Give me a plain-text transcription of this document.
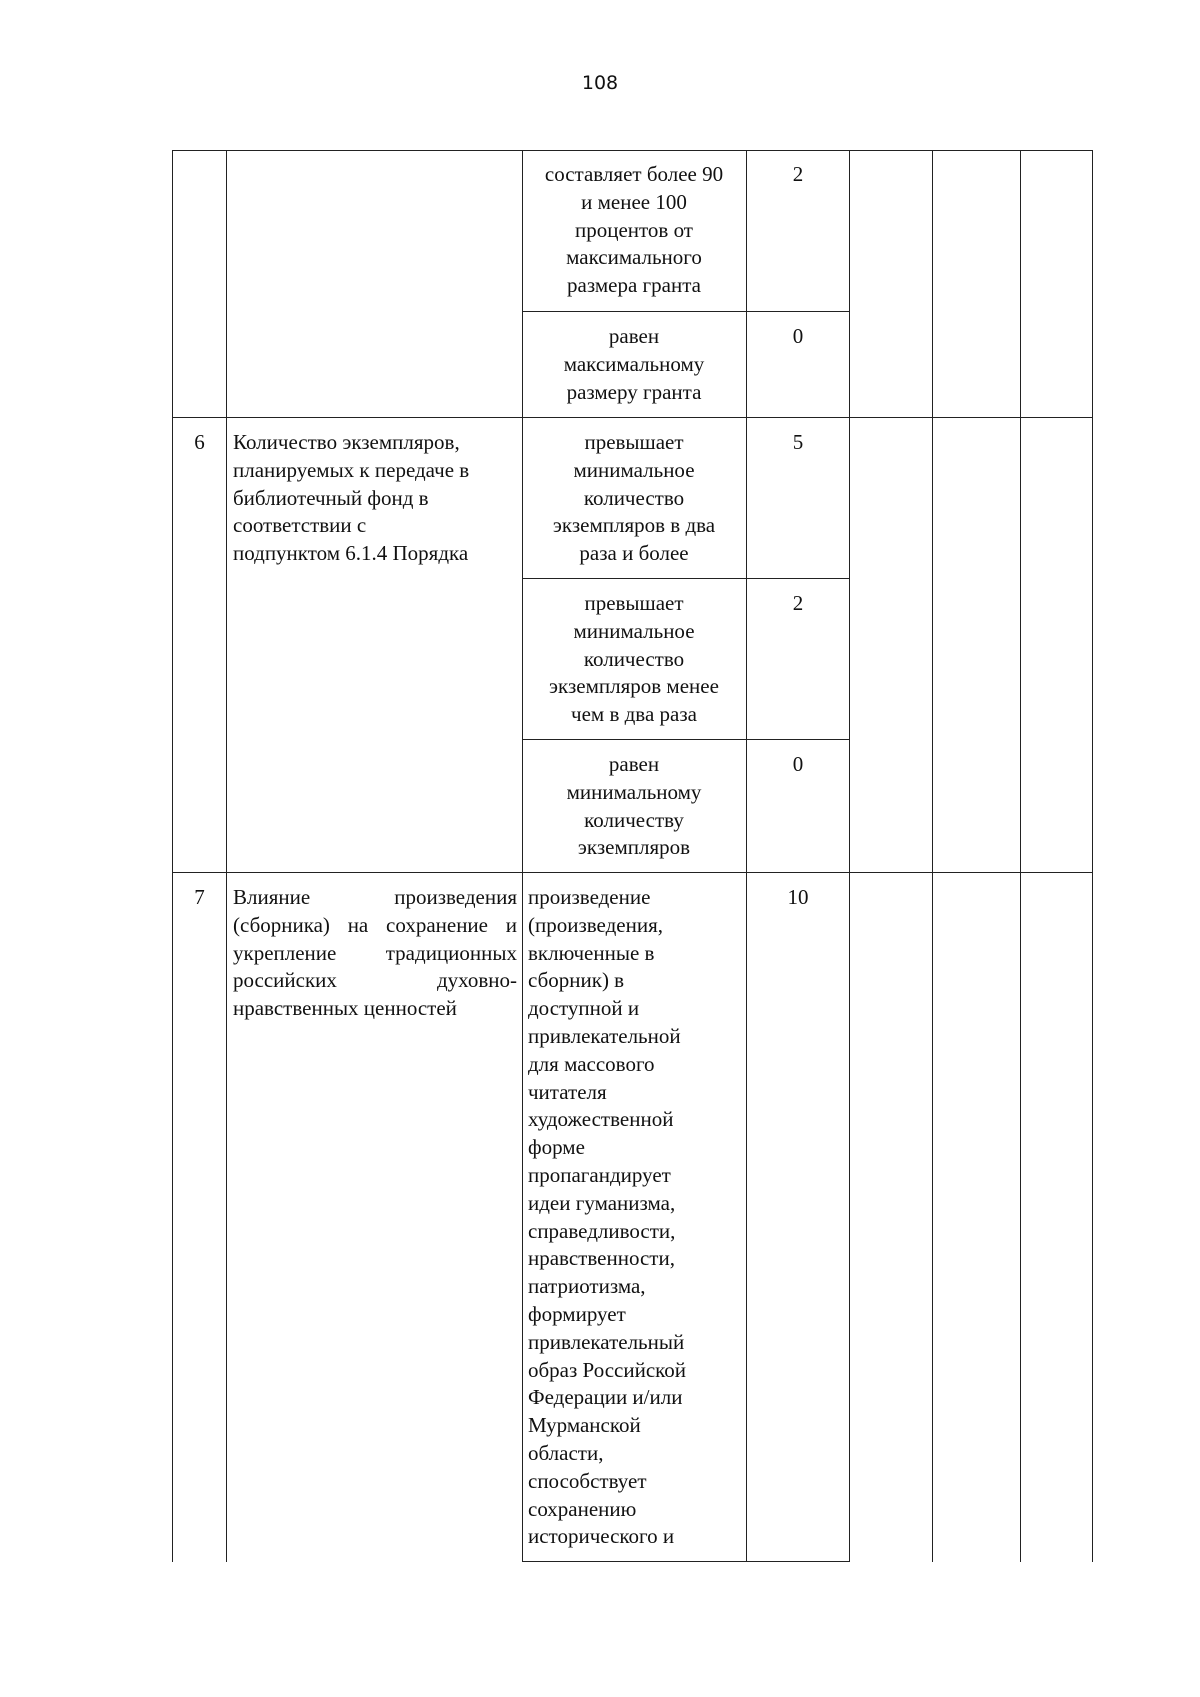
108
составляет более 90
и менее 100
процентов от
максимального
размера гранта
2
равен
максимальному
размеру гранта
0
6	Количество экземпляров,
планируемых к передаче в
библиотечный фонд в
соответствии с
подпунктом 6.1.4 Порядка
превышает
минимальное
количество
экземпляров в два
раза и более
5
превышает
минимальное
количество
экземпляров менее
чем в два раза
2
равен
минимальному
количеству
экземпляров
0
7	Влияние произведения (сборника) на сохранение и укрепление традиционных российских духовно-нравственных ценностей
произведение
(произведения,
включенные в
сборник) в
доступной и
привлекательной
для массового
читателя
художественной
форме
пропагандирует
идеи гуманизма,
справедливости,
нравственности,
патриотизма,
формирует
привлекательный
образ Российской
Федерации и/или
Мурманской
области,
способствует
сохранению
исторического и
10
